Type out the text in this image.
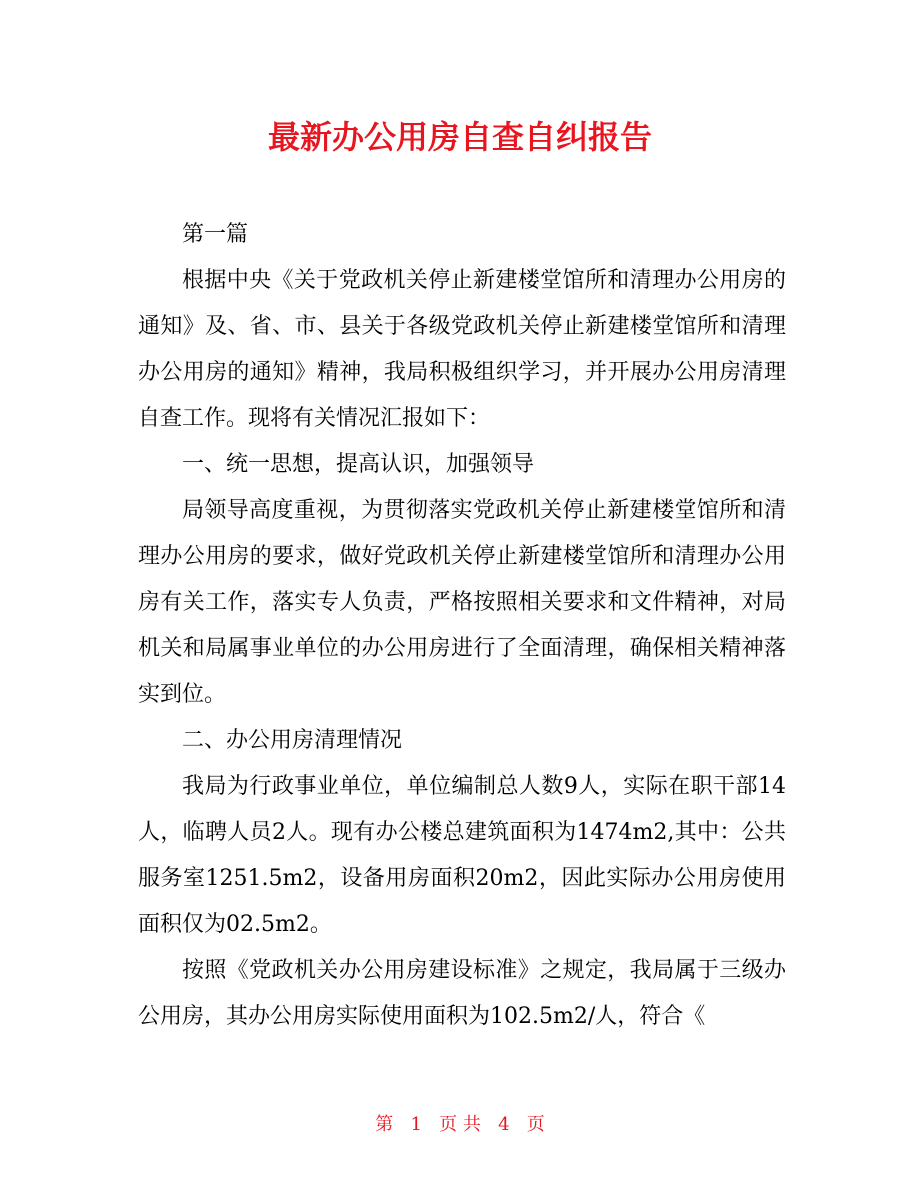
最新办公用房自查自纠报告

第一篇

根据中央《关于党政机关停止新建楼堂馆所和清理办公用房的通知》及、省、市、县关于各级党政机关停止新建楼堂馆所和清理办公用房的通知》精神，我局积极组织学习，并开展办公用房清理自查工作。现将有关情况汇报如下：

一、统一思想，提高认识，加强领导

局领导高度重视，为贯彻落实党政机关停止新建楼堂馆所和清理办公用房的要求，做好党政机关停止新建楼堂馆所和清理办公用房有关工作，落实专人负责，严格按照相关要求和文件精神，对局机关和局属事业单位的办公用房进行了全面清理，确保相关精神落实到位。

二、办公用房清理情况

我局为行政事业单位，单位编制总人数9人，实际在职干部14人，临聘人员2人。现有办公楼总建筑面积为1474m2,其中：公共服务室1251.5m2，设备用房面积20m2，因此实际办公用房使用面积仅为02.5m2。

按照《党政机关办公用房建设标准》之规定，我局属于三级办公用房，其办公用房实际使用面积为102.5m2/人，符合《

第 1 页 共 4 页
